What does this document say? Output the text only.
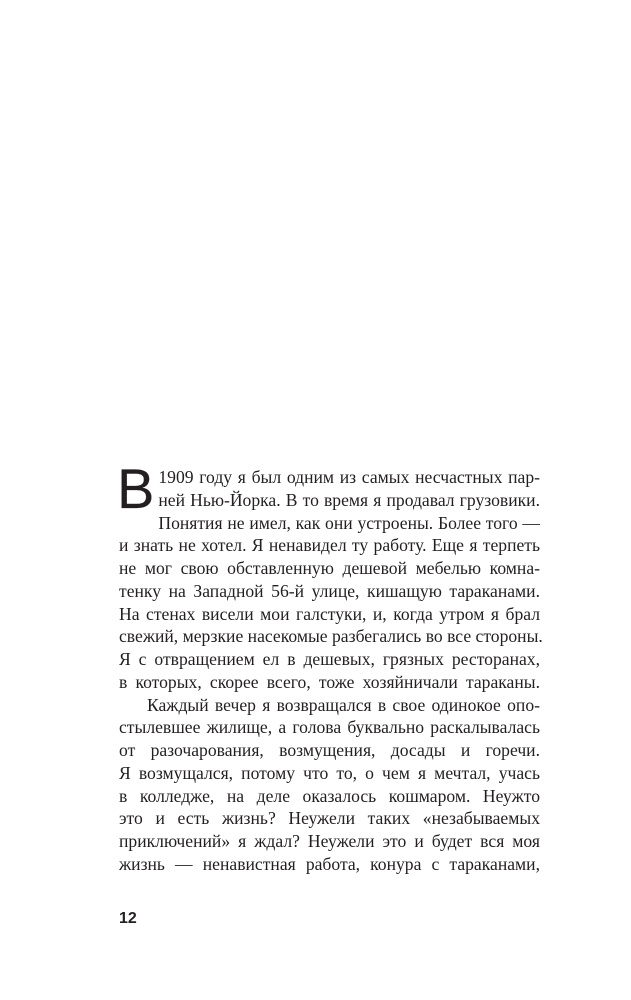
В 1909 году я был одним из самых несчастных пар-
ней Нью-Йорка. В то время я продавал грузовики.
Понятия не имел, как они устроены. Более того —
и знать не хотел. Я ненавидел ту работу. Еще я терпеть
не мог свою обставленную дешевой мебелью комна-
тенку на Западной 56-й улице, кишащую тараканами.
На стенах висели мои галстуки, и, когда утром я брал
свежий, мерзкие насекомые разбегались во все стороны.
Я с отвращением ел в дешевых, грязных ресторанах,
в которых, скорее всего, тоже хозяйничали тараканы.

Каждый вечер я возвращался в свое одинокое опо-
стылевшее жилище, а голова буквально раскалывалась
от разочарования, возмущения, досады и горечи.
Я возмущался, потому что то, о чем я мечтал, учась
в колледже, на деле оказалось кошмаром. Неужто
это и есть жизнь? Неужели таких «незабываемых
приключений» я ждал? Неужели это и будет вся моя
жизнь — ненавистная работа, конура с тараканами,

12
